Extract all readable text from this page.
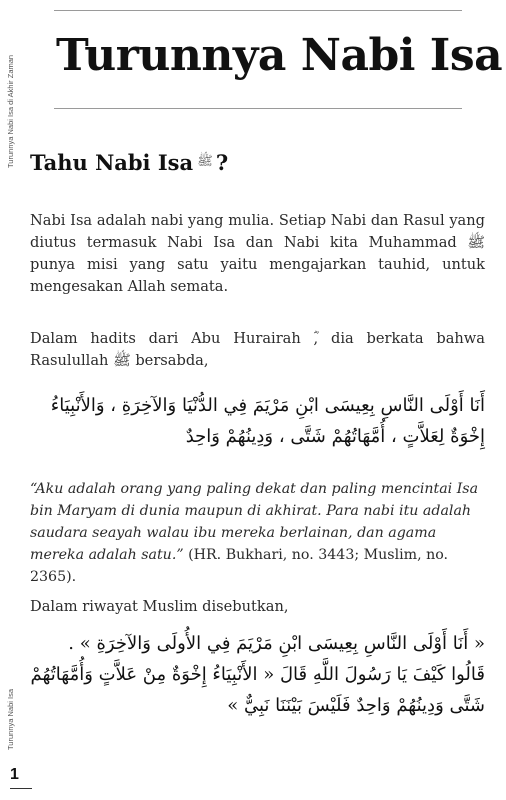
Turunnya Nabi Isa di Akhir Zaman
Turunnya Nabi Isa
Turunnya Nabi Isa
Tahu Nabi Isa ﷺ ?
Nabi Isa adalah nabi yang mulia. Setiap Nabi dan Rasul yang diutus termasuk Nabi Isa dan Nabi kita Muhammad ﷺ punya misi yang satu yaitu mengajarkan tauhid, untuk mengesakan Allah semata.
Dalam hadits dari Abu Hurairah ؓ, dia berkata bahwa Rasulullah ﷺ bersabda,
أَنَا أَوْلَى النَّاسِ بِعِيسَى ابْنِ مَرْيَمَ فِي الدُّنْيَا وَالآخِرَةِ ، وَالأَنْبِيَاءُ إِخْوَةٌ لِعَلاَّتٍ ، أُمَّهَاتُهُمْ شَتَّى ، وَدِينُهُمْ وَاحِدٌ
“Aku adalah orang yang paling dekat dan paling mencintai Isa bin Maryam di dunia maupun di akhirat. Para nabi itu adalah saudara seayah walau ibu mereka berlainan, dan agama mereka adalah satu.” (HR. Bukhari, no. 3443; Muslim, no. 2365).
Dalam riwayat Muslim disebutkan,
« أَنَا أَوْلَى النَّاسِ بِعِيسَى ابْنِ مَرْيَمَ فِي الأُولَى وَالآخِرَةِ » . قَالُوا كَيْفَ يَا رَسُولَ اللَّهِ قَالَ « الأَنْبِيَاءُ إِخْوَةٌ مِنْ عَلاَّتٍ وَأُمَّهَاتُهُمْ شَتَّى وَدِينُهُمْ وَاحِدٌ فَلَيْسَ بَيْنَنَا نَبِيٌّ »
1
